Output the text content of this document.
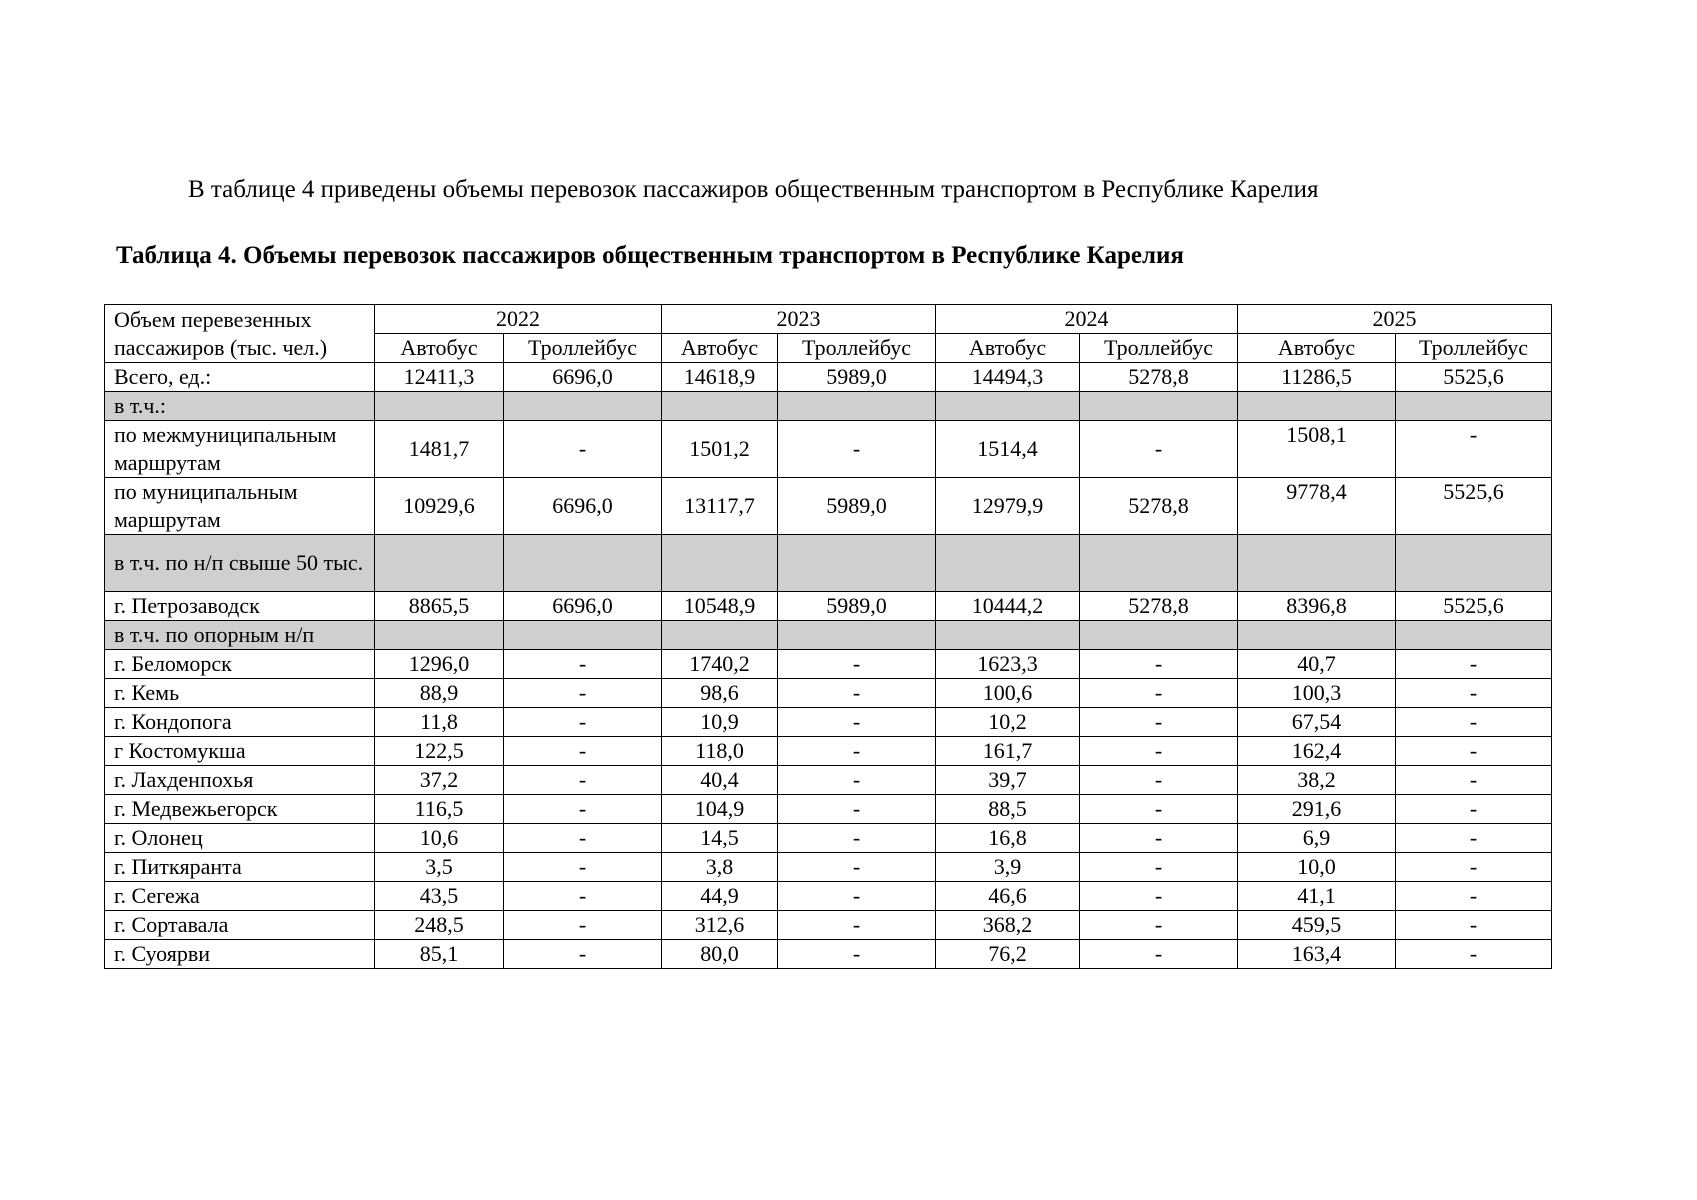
В таблице 4 приведены объемы перевозок пассажиров общественным транспортом в Республике Карелия
Таблица 4. Объемы перевозок пассажиров общественным транспортом в Республике Карелия
Объем перевезенных пассажиров (тыс. чел.)	2022		2023		2024		2025	
	Автобус	Троллейбус	Автобус	Троллейбус	Автобус	Троллейбус	Автобус	Троллейбус
Всего, ед.:	12411,3	6696,0	14618,9	5989,0	14494,3	5278,8	11286,5	5525,6
в т.ч.:								
по межмуниципальным маршрутам	1481,7	-	1501,2	-	1514,4	-	1508,1	-
по муниципальным маршрутам	10929,6	6696,0	13117,7	5989,0	12979,9	5278,8	9778,4	5525,6
в т.ч. по н/п свыше 50 тыс.								
г. Петрозаводск	8865,5	6696,0	10548,9	5989,0	10444,2	5278,8	8396,8	5525,6
в т.ч. по опорным н/п								
г. Беломорск	1296,0	-	1740,2	-	1623,3	-	40,7	-
г. Кемь	88,9	-	98,6	-	100,6	-	100,3	-
г. Кондопога	11,8	-	10,9	-	10,2	-	67,54	-
г Костомукша	122,5	-	118,0	-	161,7	-	162,4	-
г. Лахденпохья	37,2	-	40,4	-	39,7	-	38,2	-
г. Медвежьегорск	116,5	-	104,9	-	88,5	-	291,6	-
г. Олонец	10,6	-	14,5	-	16,8	-	6,9	-
г. Питкяранта	3,5	-	3,8	-	3,9	-	10,0	-
г. Сегежа	43,5	-	44,9	-	46,6	-	41,1	-
г. Сортавала	248,5	-	312,6	-	368,2	-	459,5	-
г. Суоярви	85,1	-	80,0	-	76,2	-	163,4	-
